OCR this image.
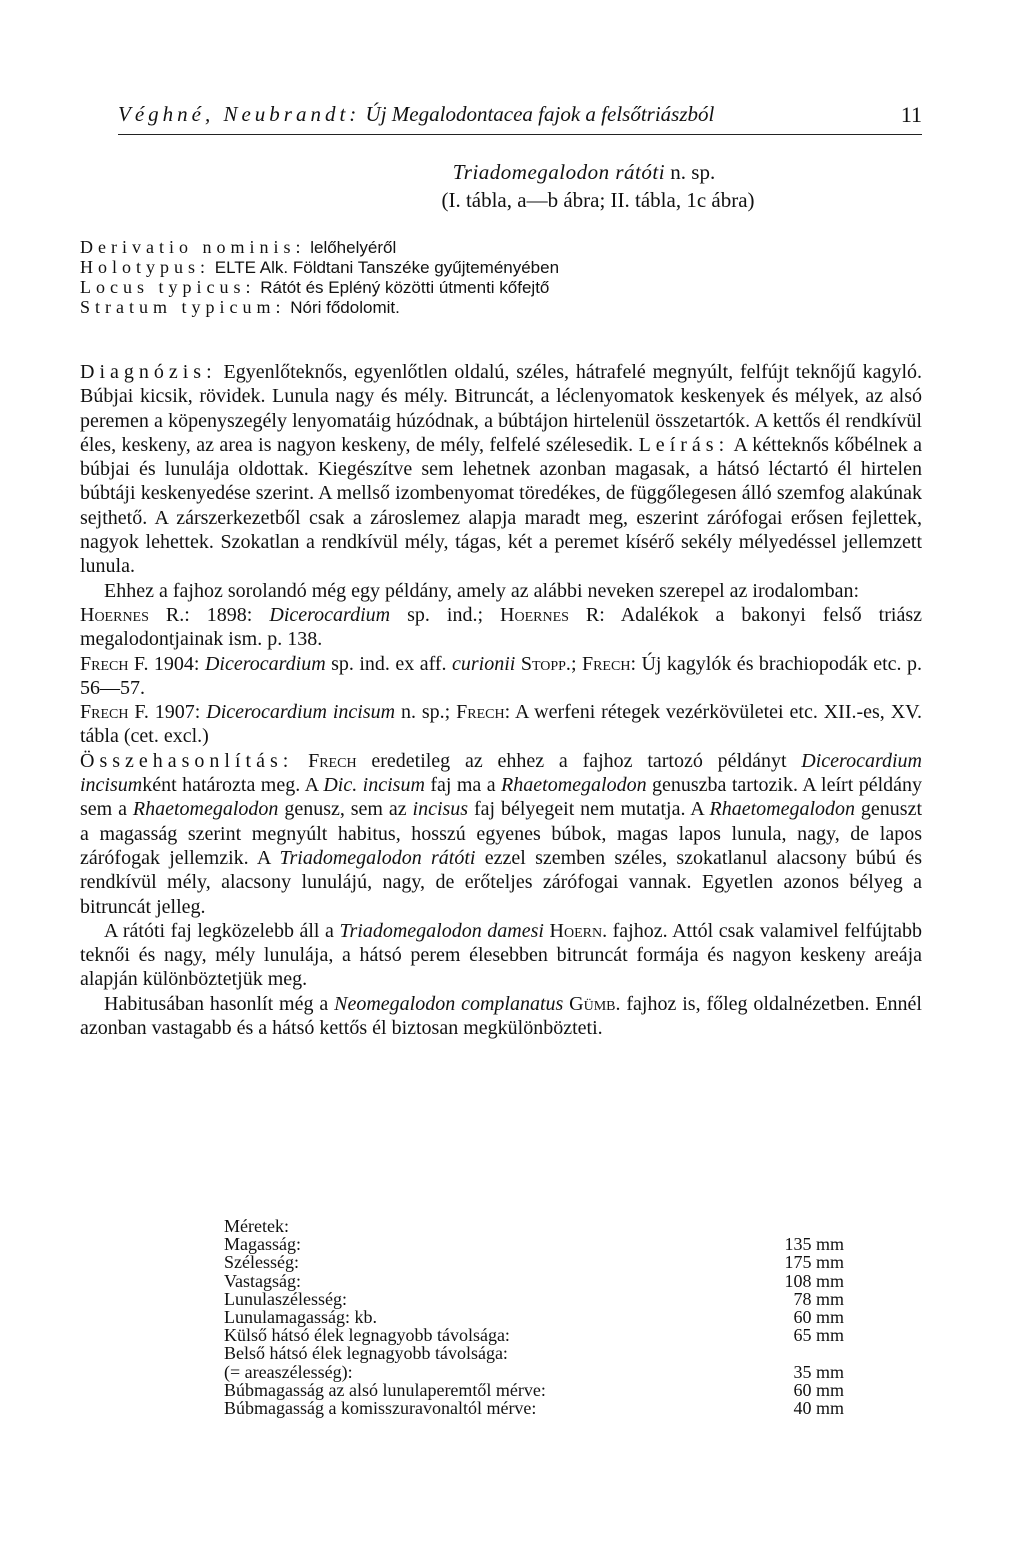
Véghné, Neubrandt: Új Megalodontacea fajok a felsőtriászból	11
Triadomegalodon rátóti n. sp.
(I. tábla, a—b ábra; II. tábla, 1c ábra)
Derivatio nominis: lelőhelyéről
Holotypus: ELTE Alk. Földtani Tanszéke gyűjteményében
Locus typicus: Rátót és Epléný közötti útmenti kőfejtő
Stratum typicum: Nóri fődolomit.

Diagnózis: Egyenlőteknős, egyenlőtlen oldalú, széles, hátrafelé megnyúlt, felfújt teknőjű kagyló. Búbjai kicsik, rövidek. Lunula nagy és mély. Bitruncát, a léclenyomatok keskenyek és mélyek, az alsó peremen a köpenyszegély lenyomatáig húzódnak, a búbtájon hirtelenül összetartók. A kettős él rendkívül éles, keskeny, az area is nagyon keskeny, de mély, felfelé szélesedik. Leírás: A kétteknős kőbélnek a búbjai és lunulája oldottak. Kiegészítve sem lehetnek azonban magasak, a hátsó léctartó él hirtelen búbtáji keskenyedése szerint. A mellső izombenyomat töredékes, de függőlegesen álló szemfog alakúnak sejthető. A zárszerkezetből csak a zároslemez alapja maradt meg, eszerint zárófogai erősen fejlettek, nagyok lehettek. Szokatlan a rendkívül mély, tágas, két a peremet kísérő sekély mélyedéssel jellemzett lunula.

Ehhez a fajhoz sorolandó még egy példány, amely az alábbi neveken szerepel az irodalomban:

Hoernes R.: 1898: Dicerocardium sp. ind.; Hoernes R: Adalékok a bakonyi felső triász megalodontjainak ism. p. 138.

Frech F. 1904: Dicerocardium sp. ind. ex aff. curionii Stopp.; Frech: Új kagylók és brachiopodák etc. p. 56—57.

Frech F. 1907: Dicerocardium incisum n. sp.; Frech: A werfeni rétegek vezérkövületei etc. XII.-es, XV. tábla (cet. excl.)

Összehasonlítás: Frech eredetileg az ehhez a fajhoz tartozó példányt Dicerocardium incisumként határozta meg. A Dic. incisum faj ma a Rhaetomegalodon genuszba tartozik. A leírt példány sem a Rhaetomegalodon genusz, sem az incisus faj bélyegeit nem mutatja. A Rhaetomegalodon genuszt a magasság szerint megnyúlt habitus, hosszú egyenes búbok, magas lapos lunula, nagy, de lapos zárófogak jellemzik. A Triadomegalodon rátóti ezzel szemben széles, szokatlanul alacsony búbú és rendkívül mély, alacsony lunulájú, nagy, de erőteljes zárófogai vannak. Egyetlen azonos bélyeg a bitruncát jelleg.

A rátóti faj legközelebb áll a Triadomegalodon damesi Hoern. fajhoz. Attól csak valamivel felfújtabb teknői és nagy, mély lunulája, a hátsó perem élesebben bitruncát formája és nagyon keskeny areája alapján különböztetjük meg.

Habitusában hasonlít még a Neomegalodon complanatus Gümb. fajhoz is, főleg oldalnézetben. Ennél azonban vastagabb és a hátsó kettős él biztosan megkülönbözteti.

Méretek:
Magasság:	135 mm
Szélesség:	175 mm
Vastagság:	108 mm
Lunulaszélesség:	78 mm
Lunulamagasság: kb.	60 mm
Külső hátsó élek legnagyobb távolsága:	65 mm
Belső hátsó élek legnagyobb távolsága:
(= areaszélesség):	35 mm
Búbmagasság az alsó lunulaperemtől mérve:	60 mm
Búbmagasság a komisszuravonaltól mérve:	40 mm
